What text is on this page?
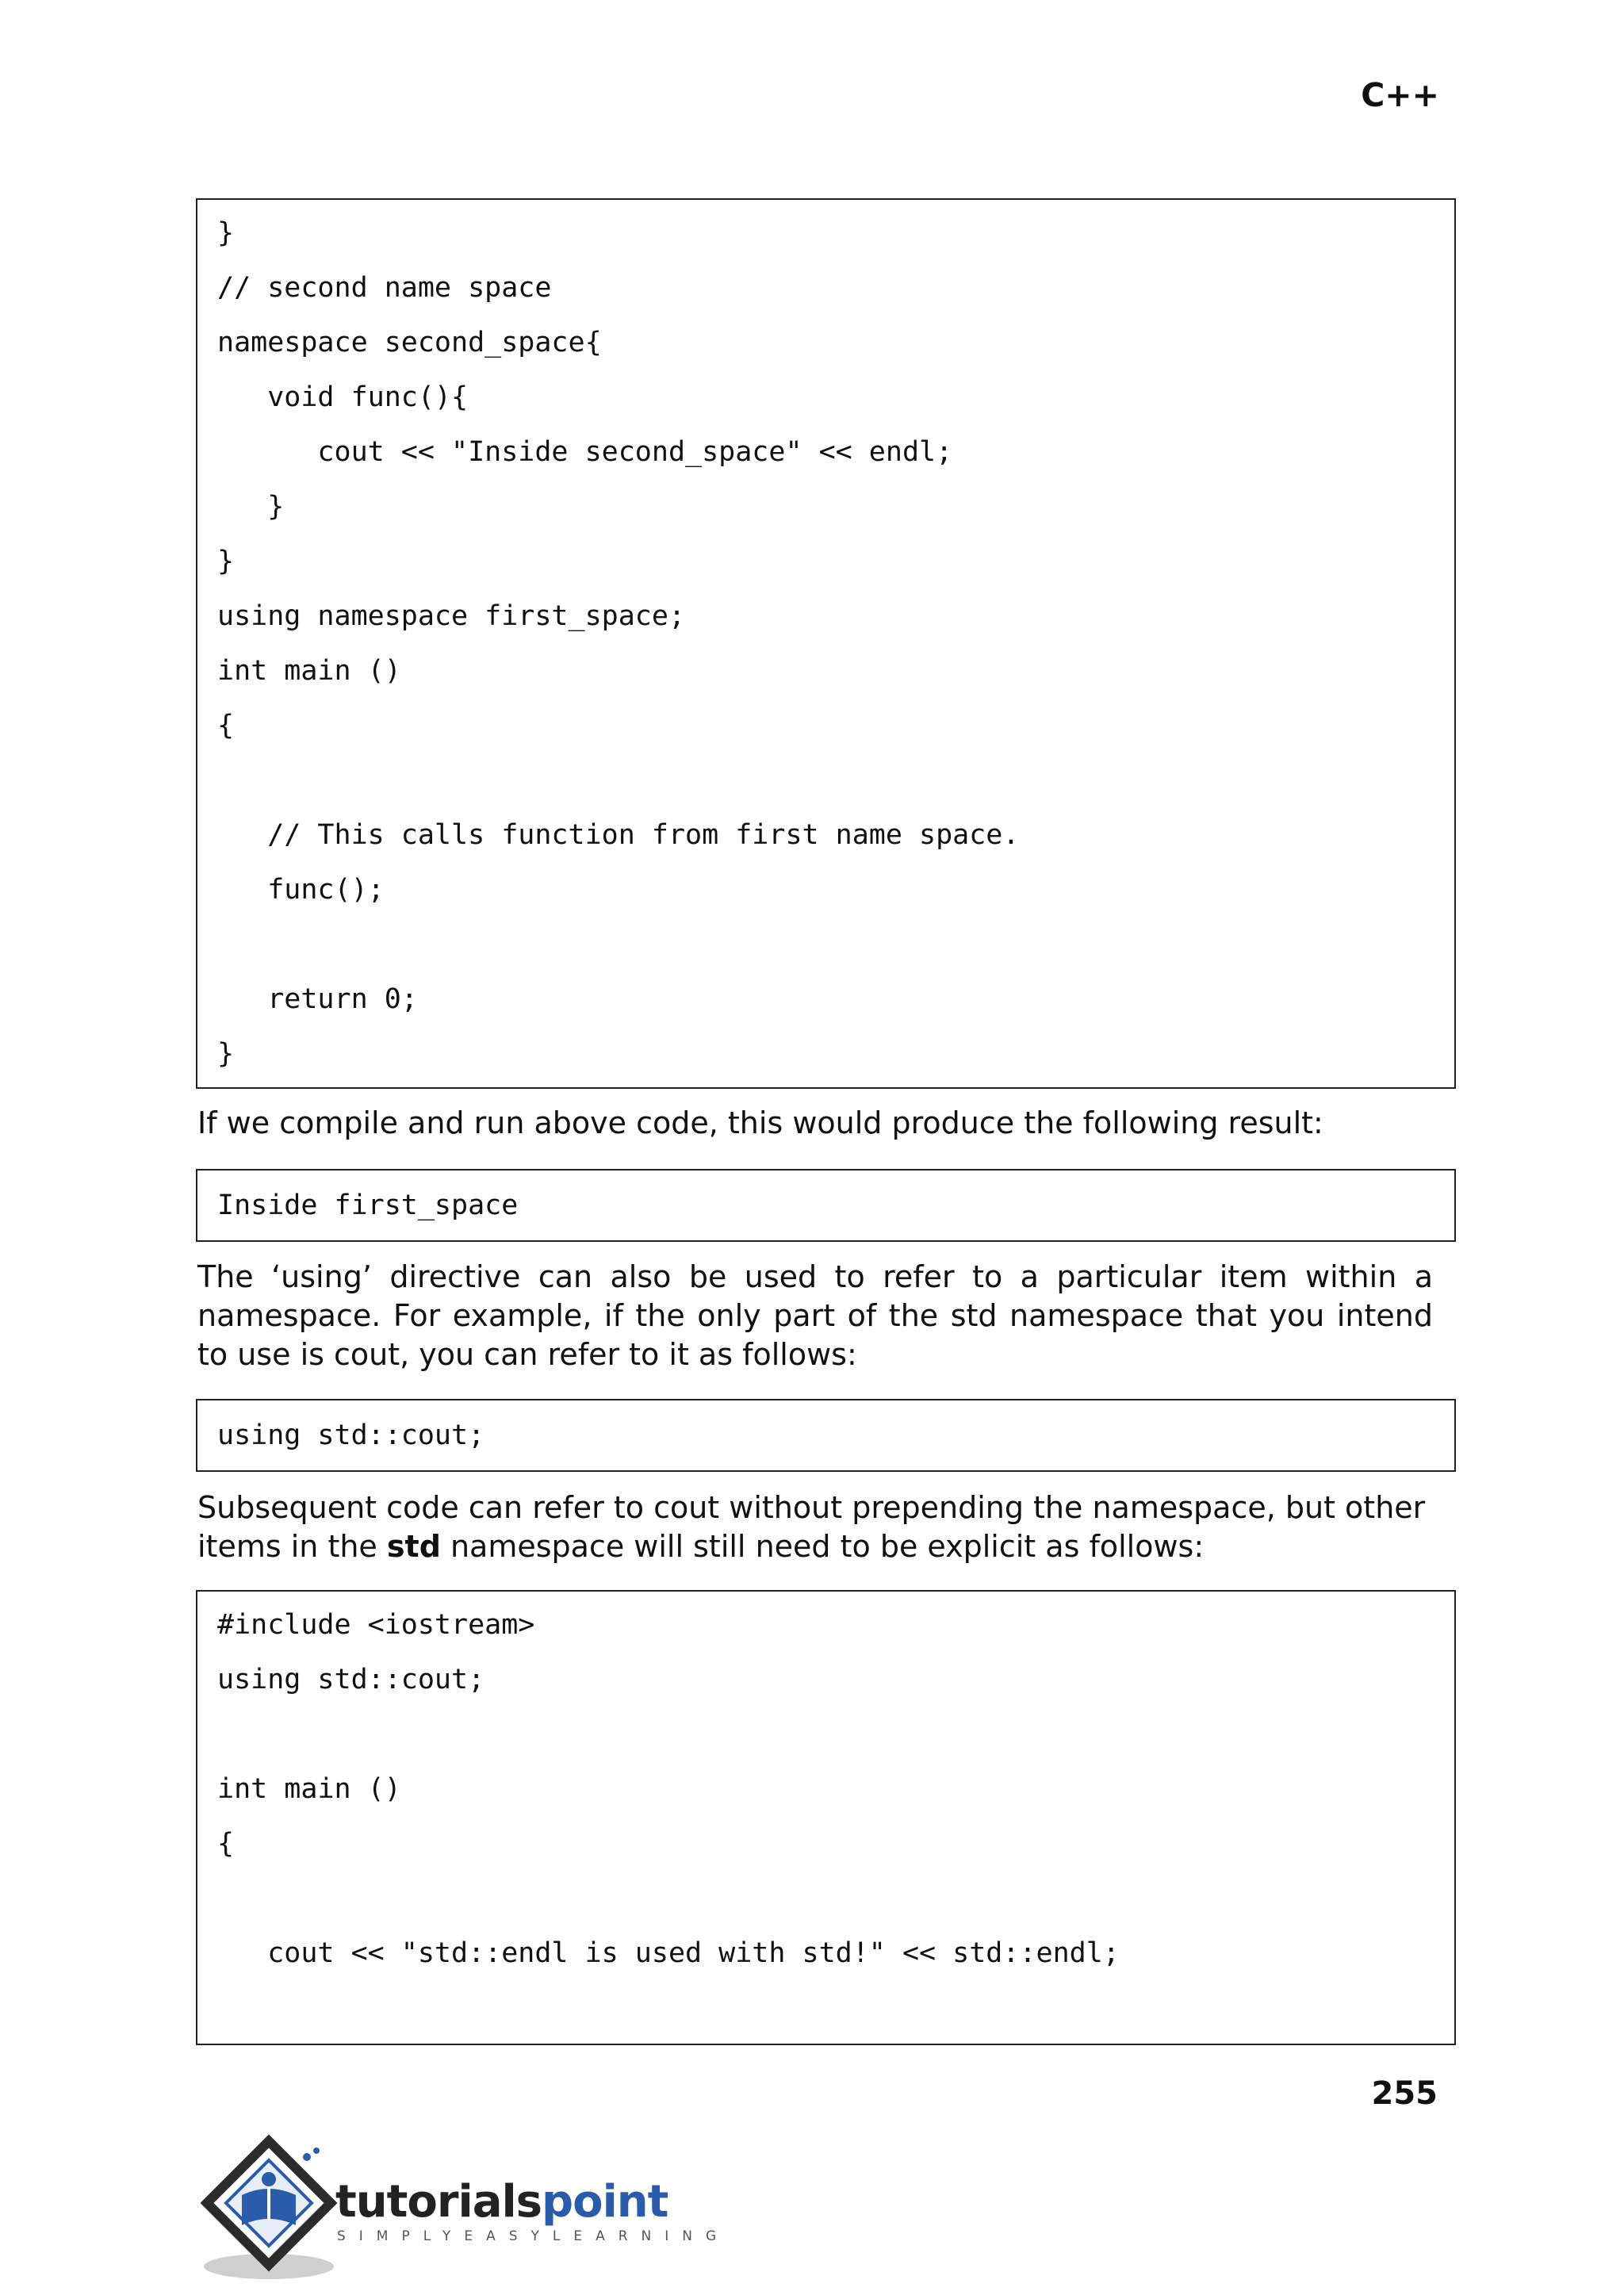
C++
}
// second name space
namespace second_space{
void func(){
cout << "Inside second_space" << endl;
}
}
using namespace first_space;
int main ()
{
// This calls function from first name space.
func();
return 0;
}
If we compile and run above code, this would produce the following result:
Inside first_space
The ‘using’ directive can also be used to refer to a particular item within a namespace. For example, if the only part of the std namespace that you intend to use is cout, you can refer to it as follows:
using std::cout;
Subsequent code can refer to cout without prepending the namespace, but other items in the std namespace will still need to be explicit as follows:
#include <iostream>
using std::cout;
int main ()
{
cout << "std::endl is used with std!" << std::endl;
255
tutorialspoint
SIMPLYEASYLEARNING
